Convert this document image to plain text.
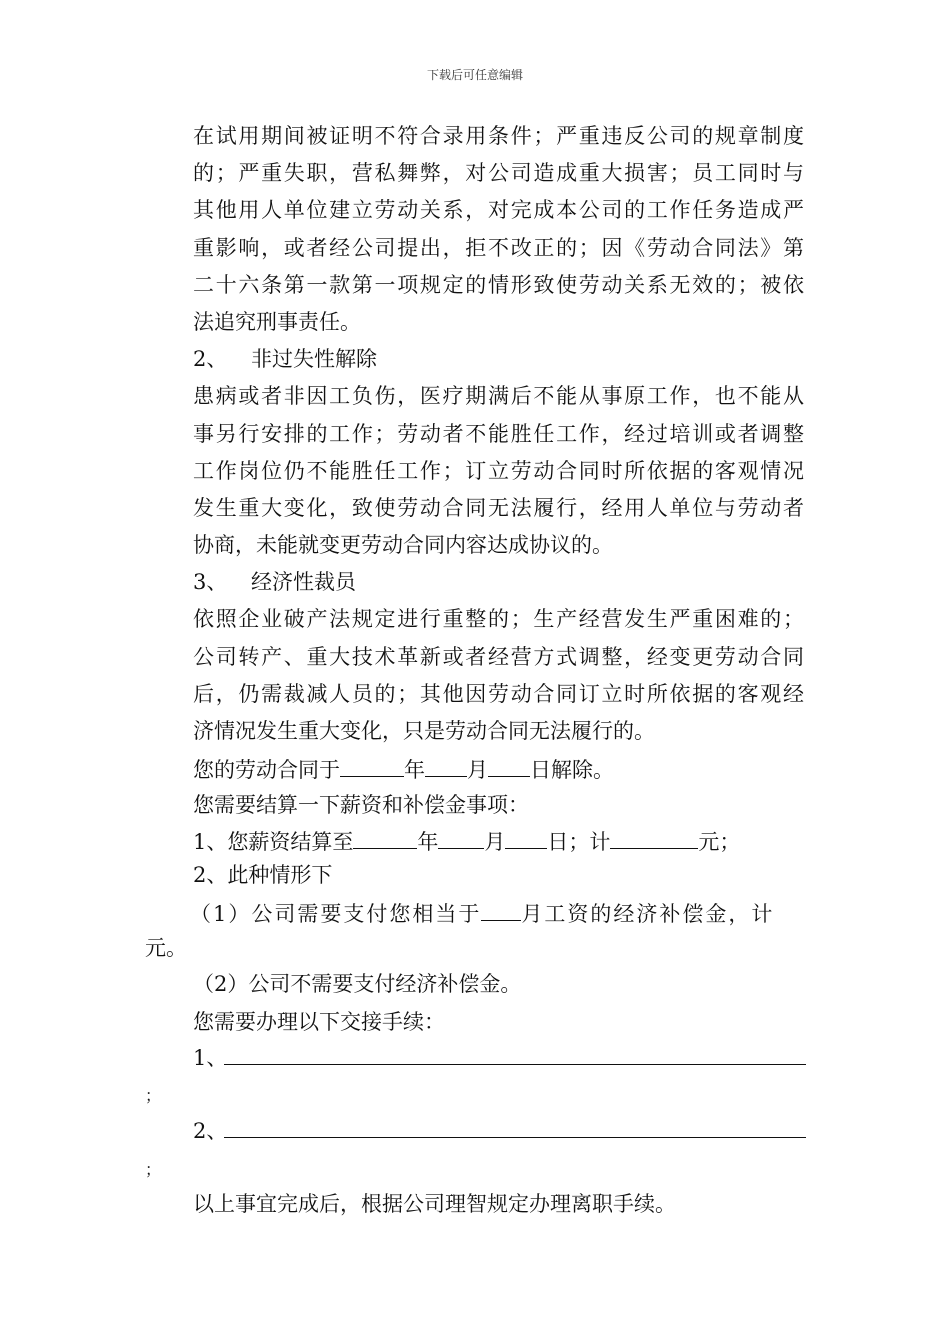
下载后可任意编辑
在试用期间被证明不符合录用条件；严重违反公司的规章制度
的；严重失职，营私舞弊，对公司造成重大损害；员工同时与
其他用人单位建立劳动关系，对完成本公司的工作任务造成严
重影响，或者经公司提出，拒不改正的；因《劳动合同法》第
二十六条第一款第一项规定的情形致使劳动关系无效的；被依
法追究刑事责任。
2、 非过失性解除
患病或者非因工负伤，医疗期满后不能从事原工作，也不能从
事另行安排的工作；劳动者不能胜任工作，经过培训或者调整
工作岗位仍不能胜任工作；订立劳动合同时所依据的客观情况
发生重大变化，致使劳动合同无法履行，经用人单位与劳动者
协商，未能就变更劳动合同内容达成协议的。
3、 经济性裁员
依照企业破产法规定进行重整的；生产经营发生严重困难的；
公司转产、重大技术革新或者经营方式调整，经变更劳动合同
后，仍需裁减人员的；其他因劳动合同订立时所依据的客观经
济情况发生重大变化，只是劳动合同无法履行的。
您的劳动合同于	年 月 日解除。
您需要结算一下薪资和补偿金事项：
1、您薪资结算至	年 月 日；计	元；
2、此种情形下
（1）公司需要支付您相当于 月工资的经济补偿金，计
元。
（2）公司不需要支付经济补偿金。
您需要办理以下交接手续：
1、
；
2、
；
以上事宜完成后，根据公司理智规定办理离职手续。
